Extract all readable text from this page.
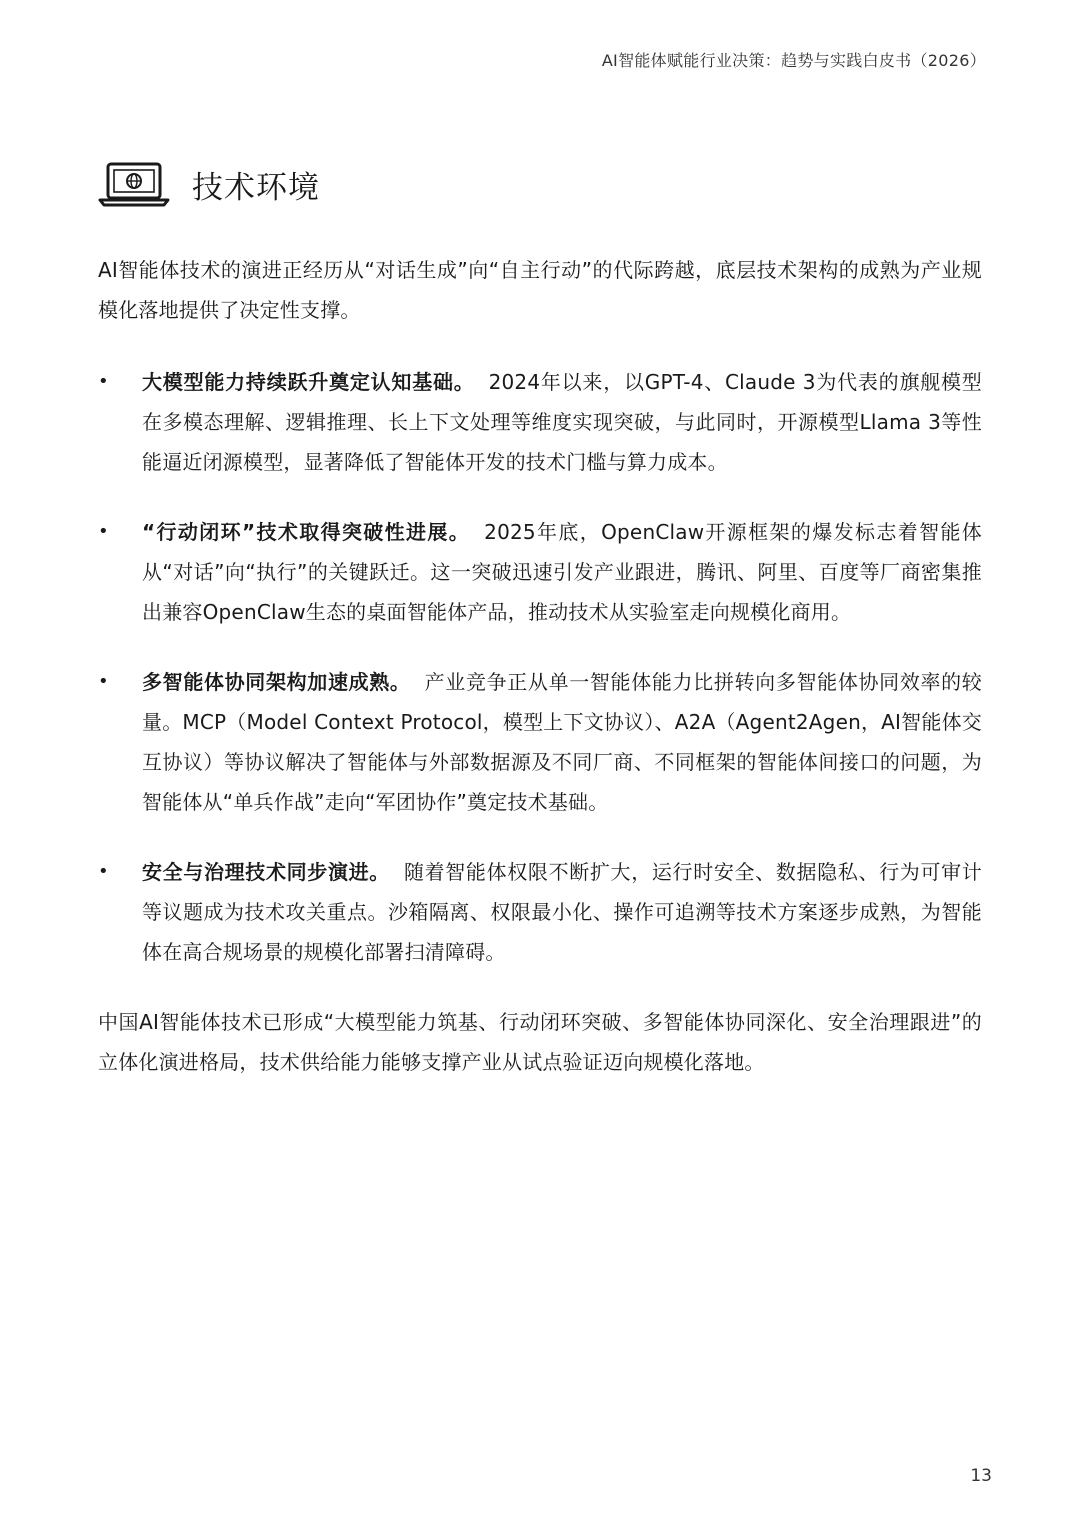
AI智能体赋能行业决策：趋势与实践白皮书（2026）
技术环境

AI智能体技术的演进正经历从“对话生成”向“自主行动”的代际跨越，底层技术架构的成熟为产业规模化落地提供了决定性支撑。

• 大模型能力持续跃升奠定认知基础。 2024年以来，以GPT-4、Claude 3为代表的旗舰模型在多模态理解、逻辑推理、长上下文处理等维度实现突破，与此同时，开源模型Llama 3等性能逼近闭源模型，显著降低了智能体开发的技术门槛与算力成本。
• “行动闭环”技术取得突破性进展。 2025年底，OpenClaw开源框架的爆发标志着智能体从“对话”向“执行”的关键跃迁。这一突破迅速引发产业跟进，腾讯、阿里、百度等厂商密集推出兼容OpenClaw生态的桌面智能体产品，推动技术从实验室走向规模化商用。
• 多智能体协同架构加速成熟。 产业竞争正从单一智能体能力比拼转向多智能体协同效率的较量。MCP（Model Context Protocol，模型上下文协议）、A2A（Agent2Agen，AI智能体交互协议）等协议解决了智能体与外部数据源及不同厂商、不同框架的智能体间接口的问题，为智能体从“单兵作战”走向“军团协作”奠定技术基础。
• 安全与治理技术同步演进。 随着智能体权限不断扩大，运行时安全、数据隐私、行为可审计等议题成为技术攻关重点。沙箱隔离、权限最小化、操作可追溯等技术方案逐步成熟，为智能体在高合规场景的规模化部署扫清障碍。

中国AI智能体技术已形成“大模型能力筑基、行动闭环突破、多智能体协同深化、安全治理跟进”的立体化演进格局，技术供给能力能够支撑产业从试点验证迈向规模化落地。

13
